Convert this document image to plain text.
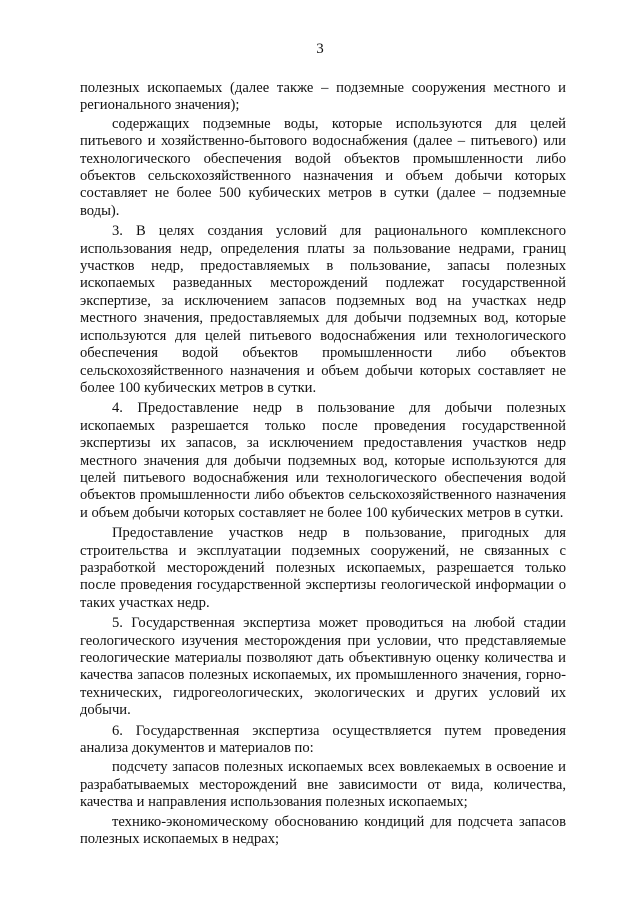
3

полезных ископаемых (далее также – подземные сооружения местного и регионального значения);

содержащих подземные воды, которые используются для целей питьевого и хозяйственно-бытового водоснабжения (далее – питьевого) или технологического обеспечения водой объектов промышленности либо объектов сельскохозяйственного назначения и объем добычи которых составляет не более 500 кубических метров в сутки (далее – подземные воды).

3. В целях создания условий для рационального комплексного использования недр, определения платы за пользование недрами, границ участков недр, предоставляемых в пользование, запасы полезных ископаемых разведанных месторождений подлежат государственной экспертизе, за исключением запасов подземных вод на участках недр местного значения, предоставляемых для добычи подземных вод, которые используются для целей питьевого водоснабжения или технологического обеспечения водой объектов промышленности либо объектов сельскохозяйственного назначения и объем добычи которых составляет не более 100 кубических метров в сутки.

4. Предоставление недр в пользование для добычи полезных ископаемых разрешается только после проведения государственной экспертизы их запасов, за исключением предоставления участков недр местного значения для добычи подземных вод, которые используются для целей питьевого водоснабжения или технологического обеспечения водой объектов промышленности либо объектов сельскохозяйственного назначения и объем добычи которых составляет не более 100 кубических метров в сутки.

Предоставление участков недр в пользование, пригодных для строительства и эксплуатации подземных сооружений, не связанных с разработкой месторождений полезных ископаемых, разрешается только после проведения государственной экспертизы геологической информации о таких участках недр.

5. Государственная экспертиза может проводиться на любой стадии геологического изучения месторождения при условии, что представляемые геологические материалы позволяют дать объективную оценку количества и качества запасов полезных ископаемых, их промышленного значения, горно-технических, гидрогеологических, экологических и других условий их добычи.

6. Государственная экспертиза осуществляется путем проведения анализа документов и материалов по:

подсчету запасов полезных ископаемых всех вовлекаемых в освоение и разрабатываемых месторождений вне зависимости от вида, количества, качества и направления использования полезных ископаемых;

технико-экономическому обоснованию кондиций для подсчета запасов полезных ископаемых в недрах;
